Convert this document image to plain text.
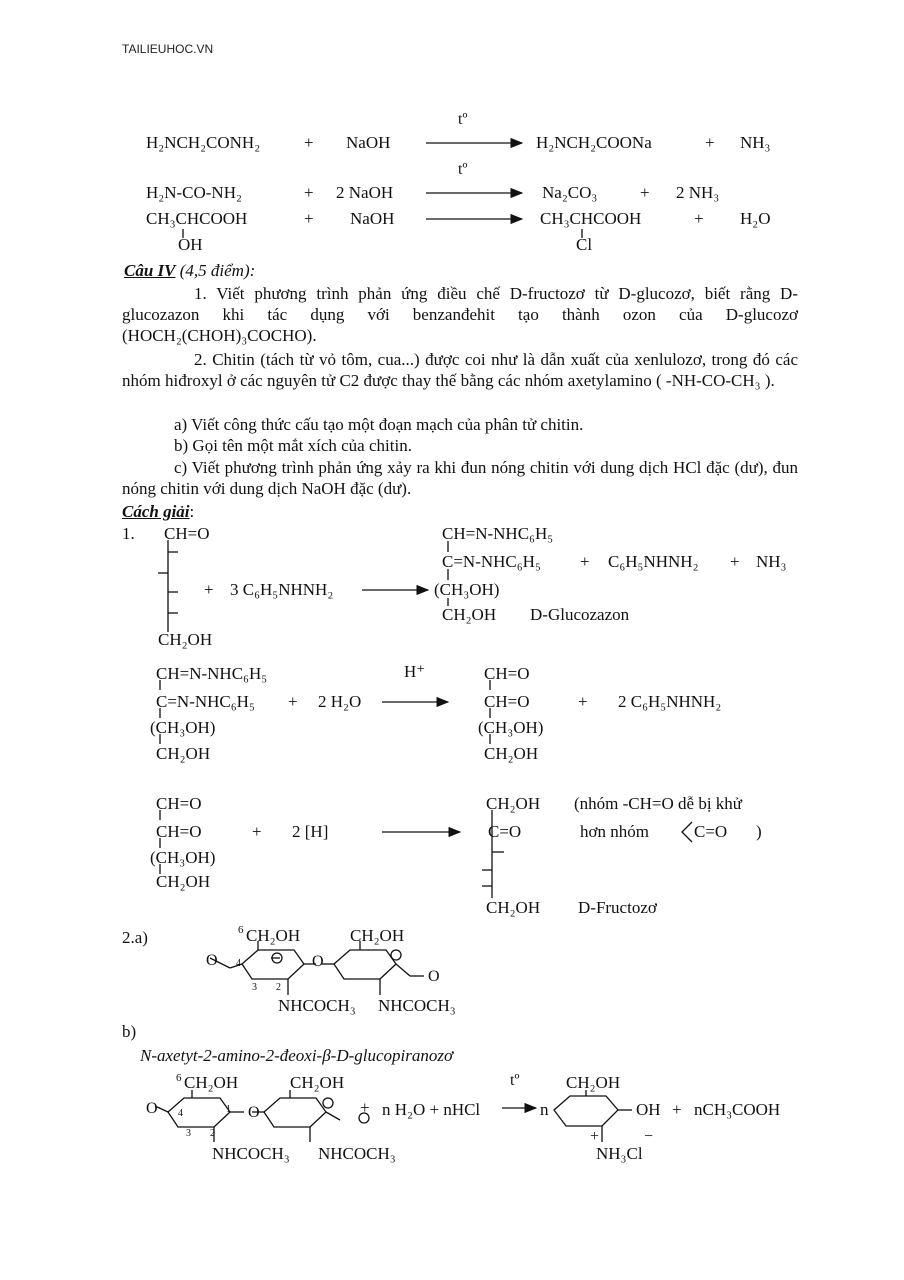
TAILIEUHOC.VN
H₂NCH₂CONH₂	+ NaOH
tº
H₂NCH₂COONa	+ NH₃
H₂N-CO-NH₂	+ 2 NaOH
tº
Na₂CO₃	+ 2 NH₃
CH₃CHCOOH
OH
+ NaOH	CH₃CHCOOH
Cl
+ H₂O
Câu IV (4,5 điểm):
1. Viết phương trình phản ứng điều chế D-fructozơ từ D-glucozơ, biết rằng D-glucozazon khi tác dụng với benzanđehit tạo thành ozon của D-glucozơ (HOCH₂(CHOH)₃COCHO).
2. Chitin (tách từ vỏ tôm, cua...) được coi như là dẫn xuất của xenlulozơ, trong đó các nhóm hiđroxyl ở các nguyên tử C2 được thay thế bằng các nhóm axetylamino ( -NH-CO-CH₃ ).
a) Viết công thức cấu tạo một đoạn mạch của phân tử chitin.
b) Gọi tên một mắt xích của chitin.
c) Viết phương trình phản ứng xảy ra khi đun nóng chitin với dung dịch HCl đặc (dư), đun nóng chitin với dung dịch NaOH đặc (dư).
Cách giải:
1. CH=O
CH₂OH
+ 3 C₆H₅NHNH₂
CH=N-NHC₆H₅
C=N-NHC₆H₅
(CH₃OH)
CH₂OH D-Glucozazon
+ C₆H₅NHNH₂ + NH₃
CH=N-NHC₆H₅
C=N-NHC₆H₅
(CH₃OH)
CH₂OH
+ 2 H₂O
H⁺	CH=O
CH=O
(CH₃OH)
CH₂OH
+ 2 C₆H₅NHNH₂
CH=O
CH=O
(CH₃OH)
CH₂OH
+ 2 [H]
CH₂OH
C=O
CH₂OH D-Fructozơ
(nhóm -CH=O dễ bị khử
hơn nhóm	C=O )
2.a)	6 CH₂OH	CH₂OH
O	O
O
4
3 2
NHCOCH₃ NHCOCH₃
b)
N-axetyt-2-amino-2-đeoxi-β-D-glucopiranozơ
6 CH₂OH	CH₂OH
O	O
4	1
3 2
NHCOCH₃ NHCOCH₃
+ n H₂O + nHCl
tº
n
CH₂OH
OH + nCH₃COOH
+	−
NH₃Cl
